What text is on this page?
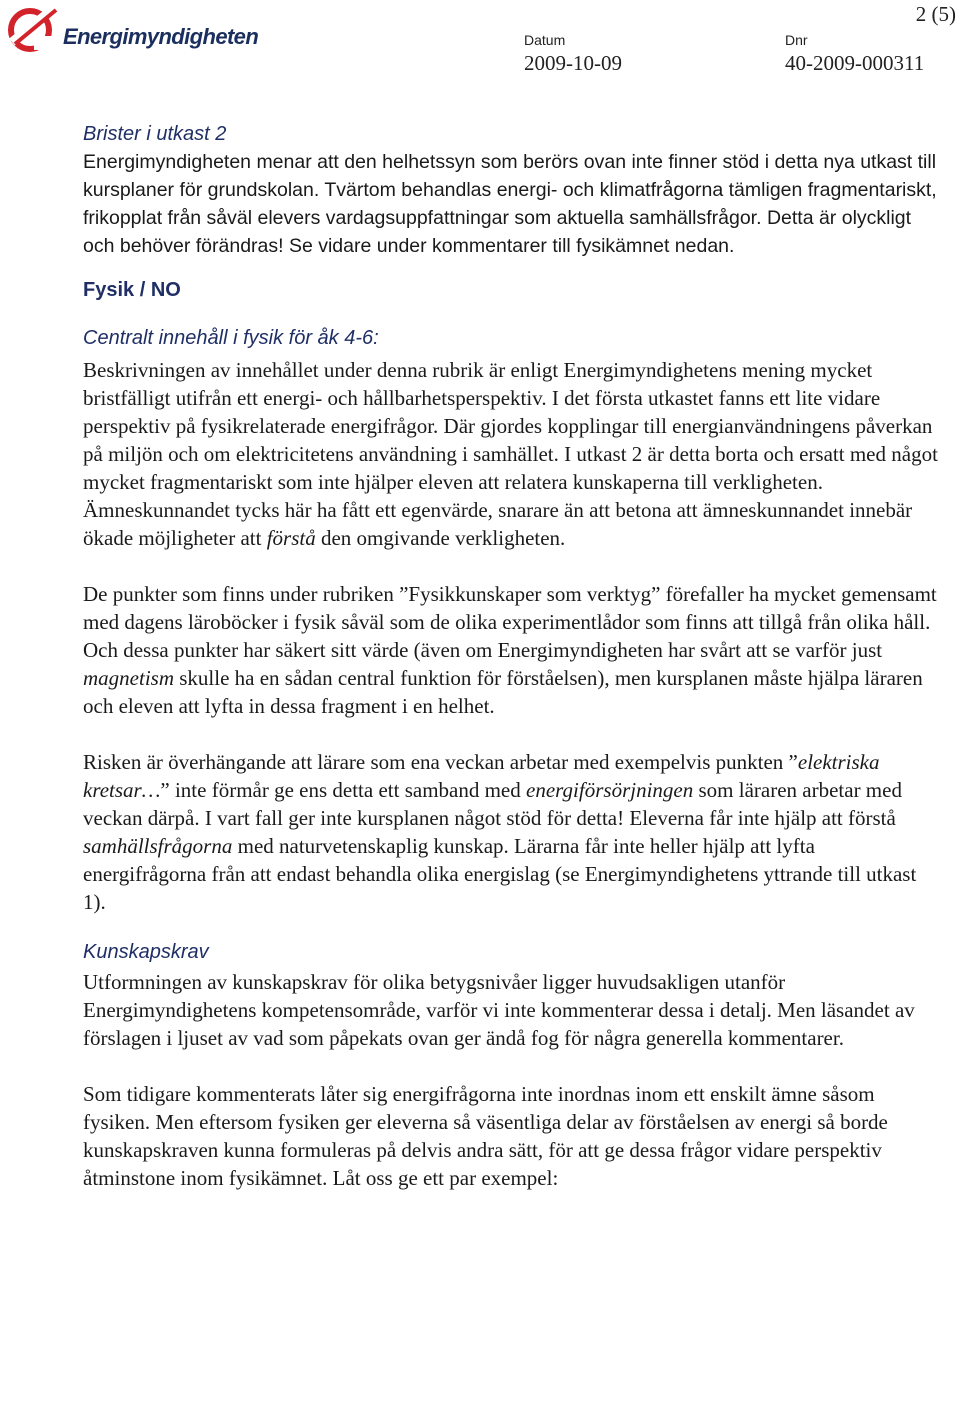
Energimyndigheten	Datum
2009-10-09
Dnr
40-2009-000311
2 (5)
Brister i utkast 2

Energimyndigheten menar att den helhetssyn som berörs ovan inte finner stöd i detta nya utkast till kursplaner för grundskolan. Tvärtom behandlas energi- och klimatfrågorna tämligen fragmentariskt, frikopplat från såväl elevers vardagsuppfattningar som aktuella samhällsfrågor. Detta är olyckligt och behöver förändras! Se vidare under kommentarer till fysikämnet nedan.

Fysik / NO
Centralt innehåll i fysik för åk 4-6:

Beskrivningen av innehållet under denna rubrik är enligt Energimyndighetens mening mycket bristfälligt utifrån ett energi- och hållbarhetsperspektiv. I det första utkastet fanns ett lite vidare perspektiv på fysikrelaterade energifrågor. Där gjordes kopplingar till energianvändningens påverkan på miljön och om elektricitetens användning i samhället. I utkast 2 är detta borta och ersatt med något mycket fragmentariskt som inte hjälper eleven att relatera kunskaperna till verkligheten. Ämneskunnandet tycks här ha fått ett egenvärde, snarare än att betona att ämneskunnandet innebär ökade möjligheter att förstå den omgivande verkligheten.

De punkter som finns under rubriken ”Fysikkunskaper som verktyg” förefaller ha mycket gemensamt med dagens läroböcker i fysik såväl som de olika experimentlådor som finns att tillgå från olika håll. Och dessa punkter har säkert sitt värde (även om Energimyndigheten har svårt att se varför just magnetism skulle ha en sådan central funktion för förståelsen), men kursplanen måste hjälpa läraren och eleven att lyfta in dessa fragment i en helhet.

Risken är överhängande att lärare som ena veckan arbetar med exempelvis punkten ”elektriska kretsar…” inte förmår ge ens detta ett samband med energiförsörjningen som läraren arbetar med veckan därpå. I vart fall ger inte kursplanen något stöd för detta! Eleverna får inte hjälp att förstå samhällsfrågorna med naturvetenskaplig kunskap. Lärarna får inte heller hjälp att lyfta energifrågorna från att endast behandla olika energislag (se Energimyndighetens yttrande till utkast 1).

Kunskapskrav

Utformningen av kunskapskrav för olika betygsnivåer ligger huvudsakligen utanför Energimyndighetens kompetensområde, varför vi inte kommenterar dessa i detalj. Men läsandet av förslagen i ljuset av vad som påpekats ovan ger ändå fog för några generella kommentarer.

Som tidigare kommenterats låter sig energifrågorna inte inordnas inom ett enskilt ämne såsom fysiken. Men eftersom fysiken ger eleverna så väsentliga delar av förståelsen av energi så borde kunskapskraven kunna formuleras på delvis andra sätt, för att ge dessa frågor vidare perspektiv åtminstone inom fysikämnet. Låt oss ge ett par exempel:
